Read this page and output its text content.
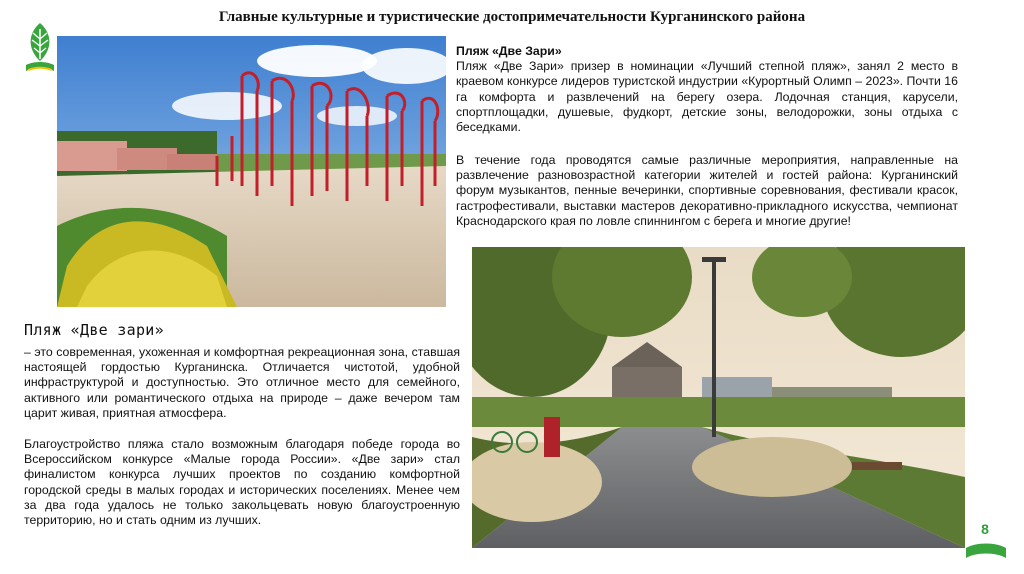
Главные культурные и туристические достопримечательности Курганинского района
Пляж «Две Зари»
Пляж «Две Зари» призер в номинации «Лучший степной пляж», занял 2 место в краевом конкурсе лидеров туристской индустрии «Курортный Олимп – 2023». Почти 16 га комфорта и развлечений на берегу озера. Лодочная станция, карусели, спортплощадки, душевые, фудкорт, детские зоны, велодорожки, зоны отдыха с беседками.
В течение года проводятся самые различные мероприятия, направленные на развлечение разновозрастной категории жителей и гостей района: Курганинский форум музыкантов, пенные вечеринки, спортивные соревнования, фестивали красок, гастрофестивали, выставки мастеров декоративно-прикладного искусства, чемпионат Краснодарского края по ловле спиннингом с берега и многие другие!
Пляж «Две зари»
– это современная, ухоженная и комфортная рекреационная зона, ставшая настоящей гордостью Курганинска. Отличается чистотой, удобной инфраструктурой и доступностью. Это отличное место для семейного, активного или романтического отдыха на природе – даже вечером там царит живая, приятная атмосфера.
Благоустройство пляжа стало возможным благодаря победе города во Всероссийском конкурсе «Малые города России». «Две зари» стал финалистом конкурса лучших проектов по созданию комфортной городской среды в малых городах и исторических поселениях. Менее чем за два года удалось не только закольцевать новую благоустроенную территорию, но и стать одним из лучших.
8
